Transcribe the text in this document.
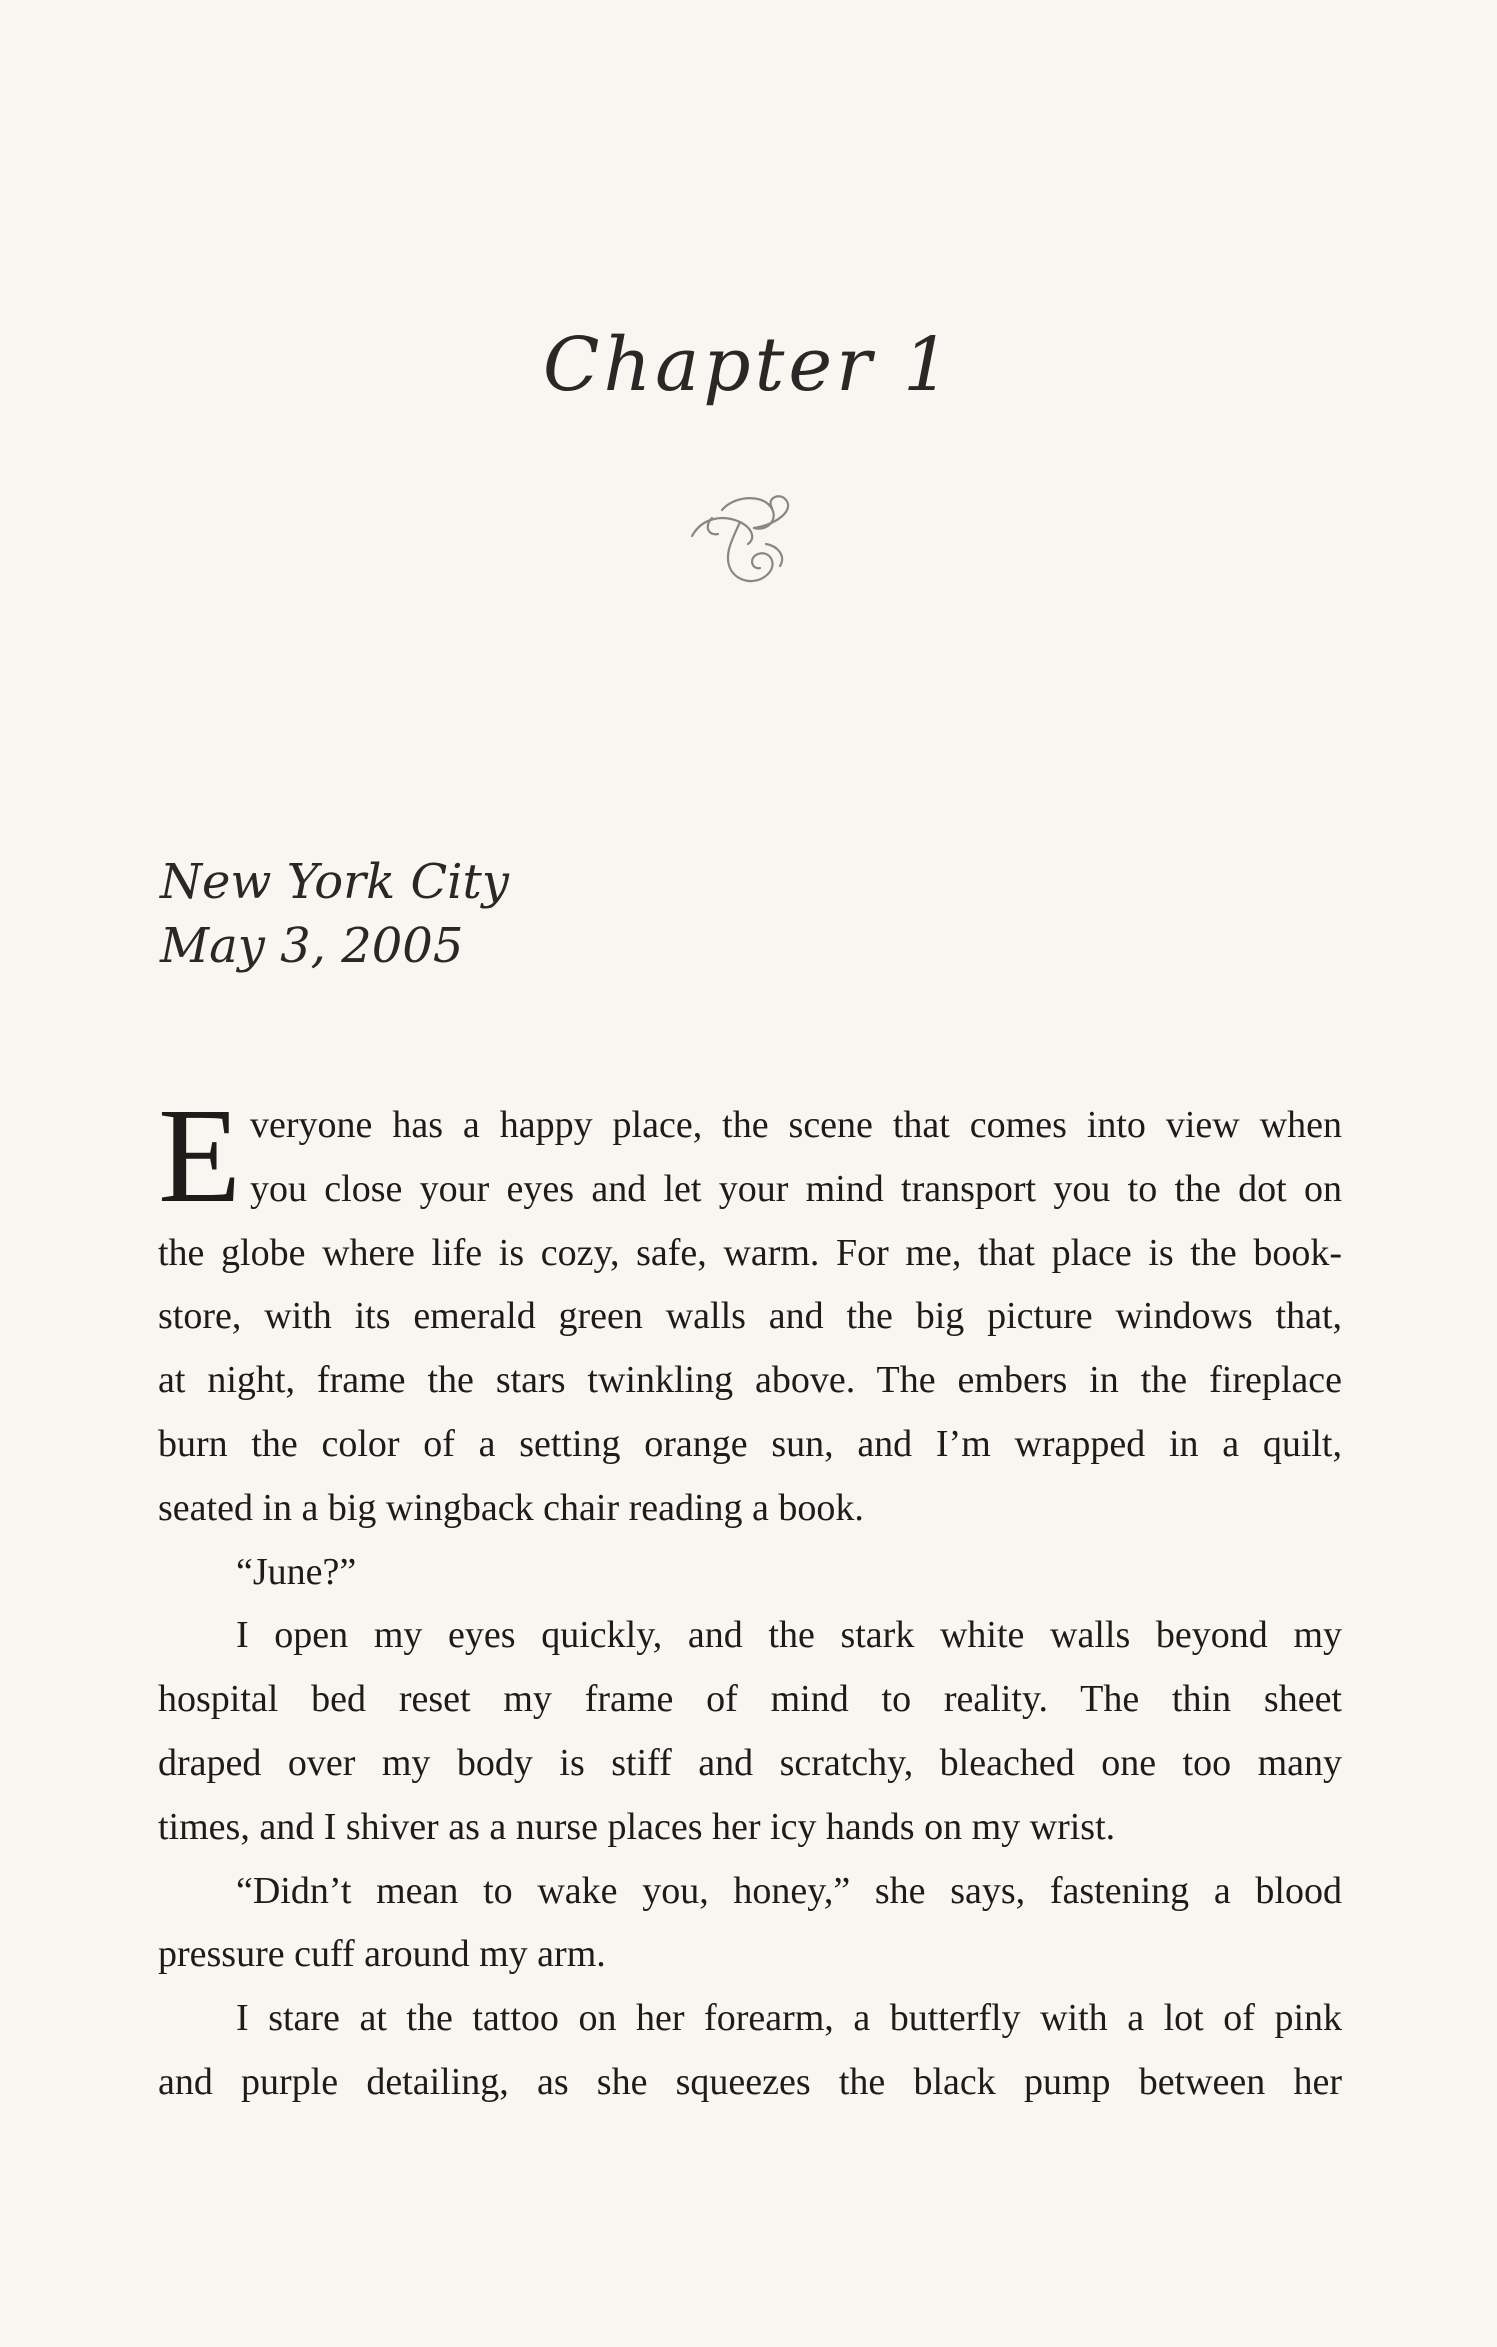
Chapter 1
New York City
May 3, 2005
E veryone has a happy place, the scene that comes into view when
you close your eyes and let your mind transport you to the dot on
the globe where life is cozy, safe, warm. For me, that place is the book-
store, with its emerald green walls and the big picture windows that,
at night, frame the stars twinkling above. The embers in the fireplace
burn the color of a setting orange sun, and I’m wrapped in a quilt,
seated in a big wingback chair reading a book.
“June?”
I open my eyes quickly, and the stark white walls beyond my
hospital bed reset my frame of mind to reality. The thin sheet
draped over my body is stiff and scratchy, bleached one too many
times, and I shiver as a nurse places her icy hands on my wrist.
“Didn’t mean to wake you, honey,” she says, fastening a blood
pressure cuff around my arm.
I stare at the tattoo on her forearm, a butterfly with a lot of pink
and purple detailing, as she squeezes the black pump between her
